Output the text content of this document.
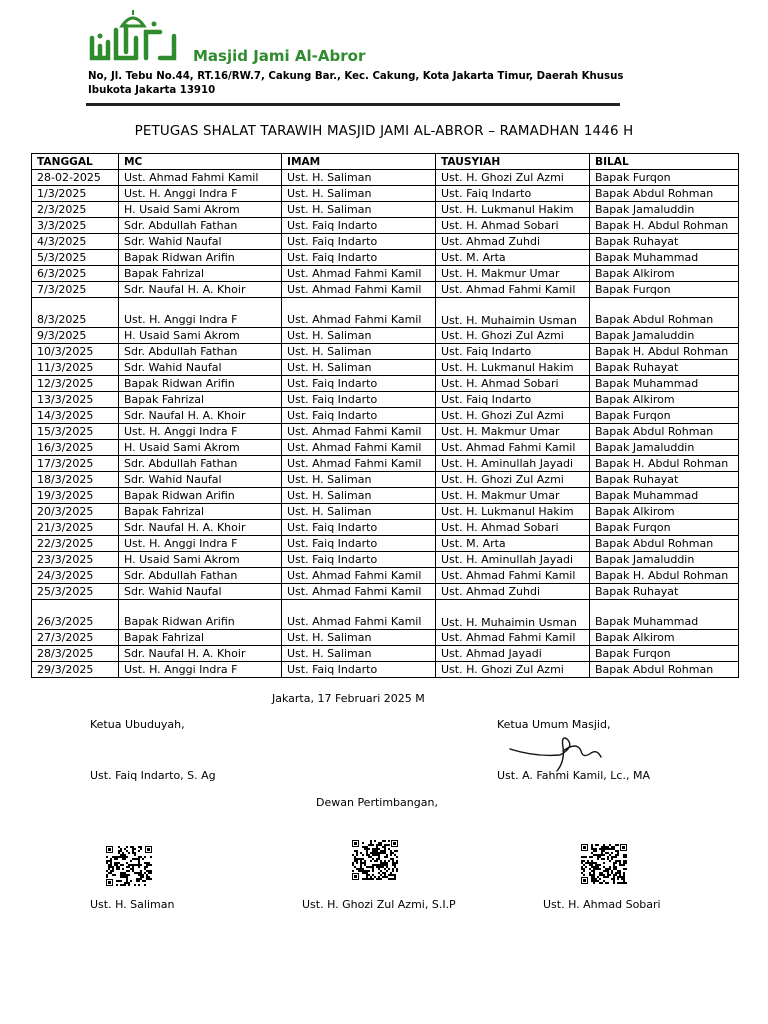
Masjid Jami Al-Abror
No, Jl. Tebu No.44, RT.16/RW.7, Cakung Bar., Kec. Cakung, Kota Jakarta Timur, Daerah Khusus
Ibukota Jakarta 13910
PETUGAS SHALAT TARAWIH MASJID JAMI AL-ABROR – RAMADHAN 1446 H
TANGGAL	MC	IMAM	TAUSYIAH	BILAL
28-02-2025	Ust. Ahmad Fahmi Kamil	Ust. H. Saliman	Ust. H. Ghozi Zul Azmi	Bapak Furqon
1/3/2025	Ust. H. Anggi Indra F	Ust. H. Saliman	Ust. Faiq Indarto	Bapak Abdul Rohman
2/3/2025	H. Usaid Sami Akrom	Ust. H. Saliman	Ust. H. Lukmanul Hakim	Bapak Jamaluddin
3/3/2025	Sdr. Abdullah Fathan	Ust. Faiq Indarto	Ust. H. Ahmad Sobari	Bapak H. Abdul Rohman
4/3/2025	Sdr. Wahid Naufal	Ust. Faiq Indarto	Ust. Ahmad Zuhdi	Bapak Ruhayat
5/3/2025	Bapak Ridwan Arifin	Ust. Faiq Indarto	Ust. M. Arta	Bapak Muhammad
6/3/2025	Bapak Fahrizal	Ust. Ahmad Fahmi Kamil	Ust. H. Makmur Umar	Bapak Alkirom
7/3/2025	Sdr. Naufal H. A. Khoir	Ust. Ahmad Fahmi Kamil	Ust. Ahmad Fahmi Kamil	Bapak Furqon
8/3/2025	Ust. H. Anggi Indra F	Ust. Ahmad Fahmi Kamil	Ust. H. Muhaimin Usman	Bapak Abdul Rohman
9/3/2025	H. Usaid Sami Akrom	Ust. H. Saliman	Ust. H. Ghozi Zul Azmi	Bapak Jamaluddin
10/3/2025	Sdr. Abdullah Fathan	Ust. H. Saliman	Ust. Faiq Indarto	Bapak H. Abdul Rohman
11/3/2025	Sdr. Wahid Naufal	Ust. H. Saliman	Ust. H. Lukmanul Hakim	Bapak Ruhayat
12/3/2025	Bapak Ridwan Arifin	Ust. Faiq Indarto	Ust. H. Ahmad Sobari	Bapak Muhammad
13/3/2025	Bapak Fahrizal	Ust. Faiq Indarto	Ust. Faiq Indarto	Bapak Alkirom
14/3/2025	Sdr. Naufal H. A. Khoir	Ust. Faiq Indarto	Ust. H. Ghozi Zul Azmi	Bapak Furqon
15/3/2025	Ust. H. Anggi Indra F	Ust. Ahmad Fahmi Kamil	Ust. H. Makmur Umar	Bapak Abdul Rohman
16/3/2025	H. Usaid Sami Akrom	Ust. Ahmad Fahmi Kamil	Ust. Ahmad Fahmi Kamil	Bapak Jamaluddin
17/3/2025	Sdr. Abdullah Fathan	Ust. Ahmad Fahmi Kamil	Ust. H. Aminullah Jayadi	Bapak H. Abdul Rohman
18/3/2025	Sdr. Wahid Naufal	Ust. H. Saliman	Ust. H. Ghozi Zul Azmi	Bapak Ruhayat
19/3/2025	Bapak Ridwan Arifin	Ust. H. Saliman	Ust. H. Makmur Umar	Bapak Muhammad
20/3/2025	Bapak Fahrizal	Ust. H. Saliman	Ust. H. Lukmanul Hakim	Bapak Alkirom
21/3/2025	Sdr. Naufal H. A. Khoir	Ust. Faiq Indarto	Ust. H. Ahmad Sobari	Bapak Furqon
22/3/2025	Ust. H. Anggi Indra F	Ust. Faiq Indarto	Ust. M. Arta	Bapak Abdul Rohman
23/3/2025	H. Usaid Sami Akrom	Ust. Faiq Indarto	Ust. H. Aminullah Jayadi	Bapak Jamaluddin
24/3/2025	Sdr. Abdullah Fathan	Ust. Ahmad Fahmi Kamil	Ust. Ahmad Fahmi Kamil	Bapak H. Abdul Rohman
25/3/2025	Sdr. Wahid Naufal	Ust. Ahmad Fahmi Kamil	Ust. Ahmad Zuhdi	Bapak Ruhayat
26/3/2025	Bapak Ridwan Arifin	Ust. Ahmad Fahmi Kamil	Ust. H. Muhaimin Usman	Bapak Muhammad
27/3/2025	Bapak Fahrizal	Ust. H. Saliman	Ust. Ahmad Fahmi Kamil	Bapak Alkirom
28/3/2025	Sdr. Naufal H. A. Khoir	Ust. H. Saliman	Ust. Ahmad Jayadi	Bapak Furqon
29/3/2025	Ust. H. Anggi Indra F	Ust. Faiq Indarto	Ust. H. Ghozi Zul Azmi	Bapak Abdul Rohman
Jakarta, 17 Februari 2025 M
Ketua Ubuduyah,	Ketua Umum Masjid,
Ust. Faiq Indarto, S. Ag	Ust. A. Fahmi Kamil, Lc., MA
Dewan Pertimbangan,
Ust. H. Saliman	Ust. H. Ghozi Zul Azmi, S.I.P	Ust. H. Ahmad Sobari
